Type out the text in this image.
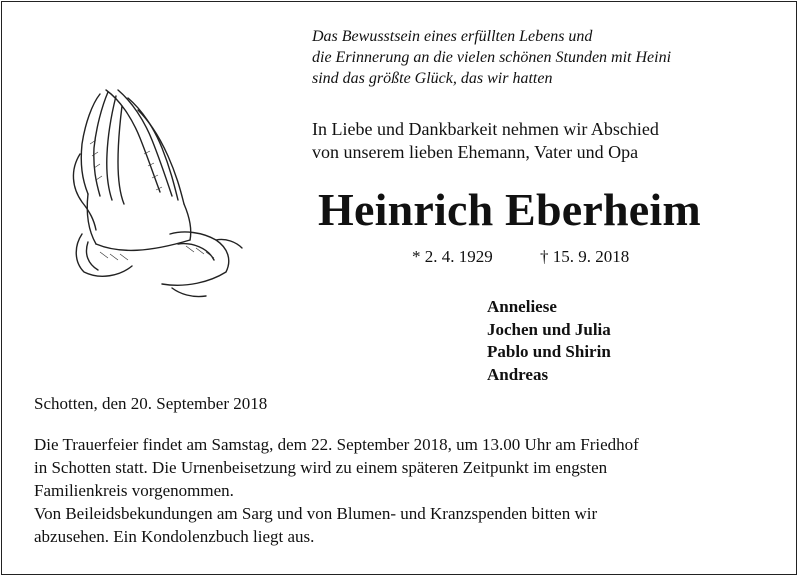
Das Bewusstsein eines erfüllten Lebens und
die Erinnerung an die vielen schönen Stunden mit Heini
sind das größte Glück, das wir hatten
In Liebe und Dankbarkeit nehmen wir Abschied
von unserem lieben Ehemann, Vater und Opa
Heinrich Eberheim
* 2. 4. 1929	† 15. 9. 2018
Anneliese
Jochen und Julia
Pablo und Shirin
Andreas
Schotten, den 20. September 2018
Die Trauerfeier findet am Samstag, dem 22. September 2018, um 13.00 Uhr am Friedhof
in Schotten statt. Die Urnenbeisetzung wird zu einem späteren Zeitpunkt im engsten
Familienkreis vorgenommen.
Von Beileidsbekundungen am Sarg und von Blumen- und Kranzspenden bitten wir
abzusehen. Ein Kondolenzbuch liegt aus.
